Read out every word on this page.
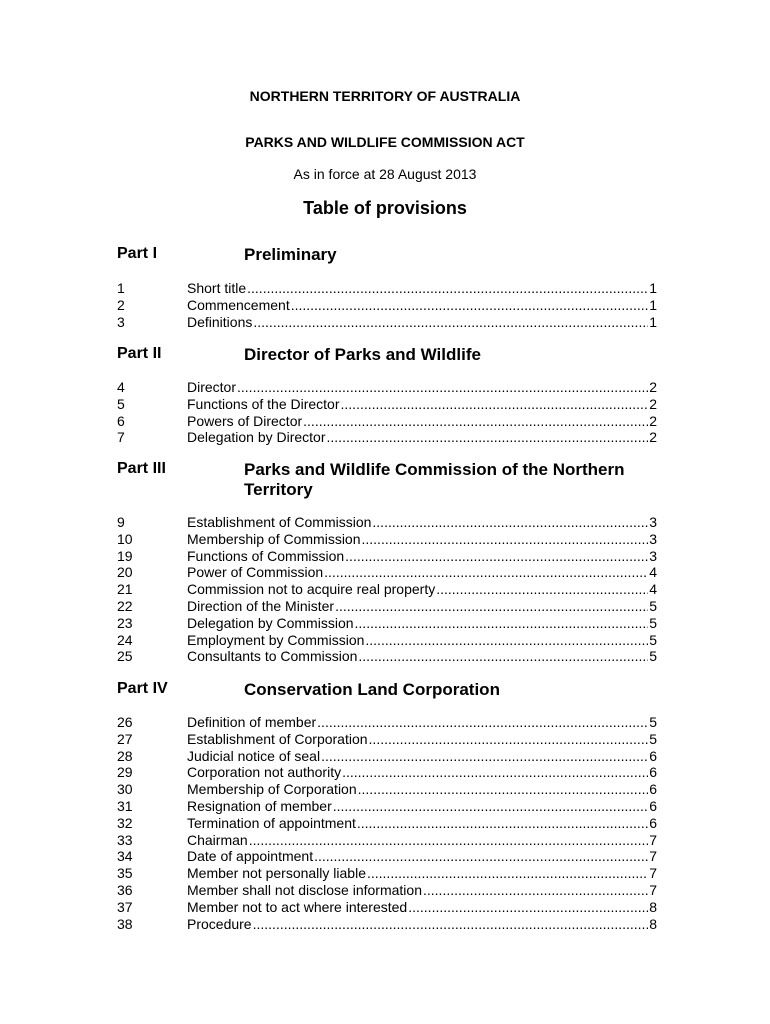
NORTHERN TERRITORY OF AUSTRALIA
PARKS AND WILDLIFE COMMISSION ACT
As in force at 28 August 2013
Table of provisions
Part I	Preliminary
1	Short title .....	1
2	Commencement .....	1
3	Definitions .....	1
Part II	Director of Parks and Wildlife
4	Director .....	2
5	Functions of the Director .....	2
6	Powers of Director .....	2
7	Delegation by Director .....	2
Part III	Parks and Wildlife Commission of the Northern Territory
9	Establishment of Commission .....	3
10	Membership of Commission .....	3
19	Functions of Commission .....	3
20	Power of Commission .....	4
21	Commission not to acquire real property .....	4
22	Direction of the Minister .....	5
23	Delegation by Commission .....	5
24	Employment by Commission .....	5
25	Consultants to Commission .....	5
Part IV	Conservation Land Corporation
26	Definition of member .....	5
27	Establishment of Corporation .....	5
28	Judicial notice of seal .....	6
29	Corporation not authority .....	6
30	Membership of Corporation .....	6
31	Resignation of member .....	6
32	Termination of appointment .....	6
33	Chairman .....	7
34	Date of appointment .....	7
35	Member not personally liable .....	7
36	Member shall not disclose information .....	7
37	Member not to act where interested .....	8
38	Procedure .....	8
